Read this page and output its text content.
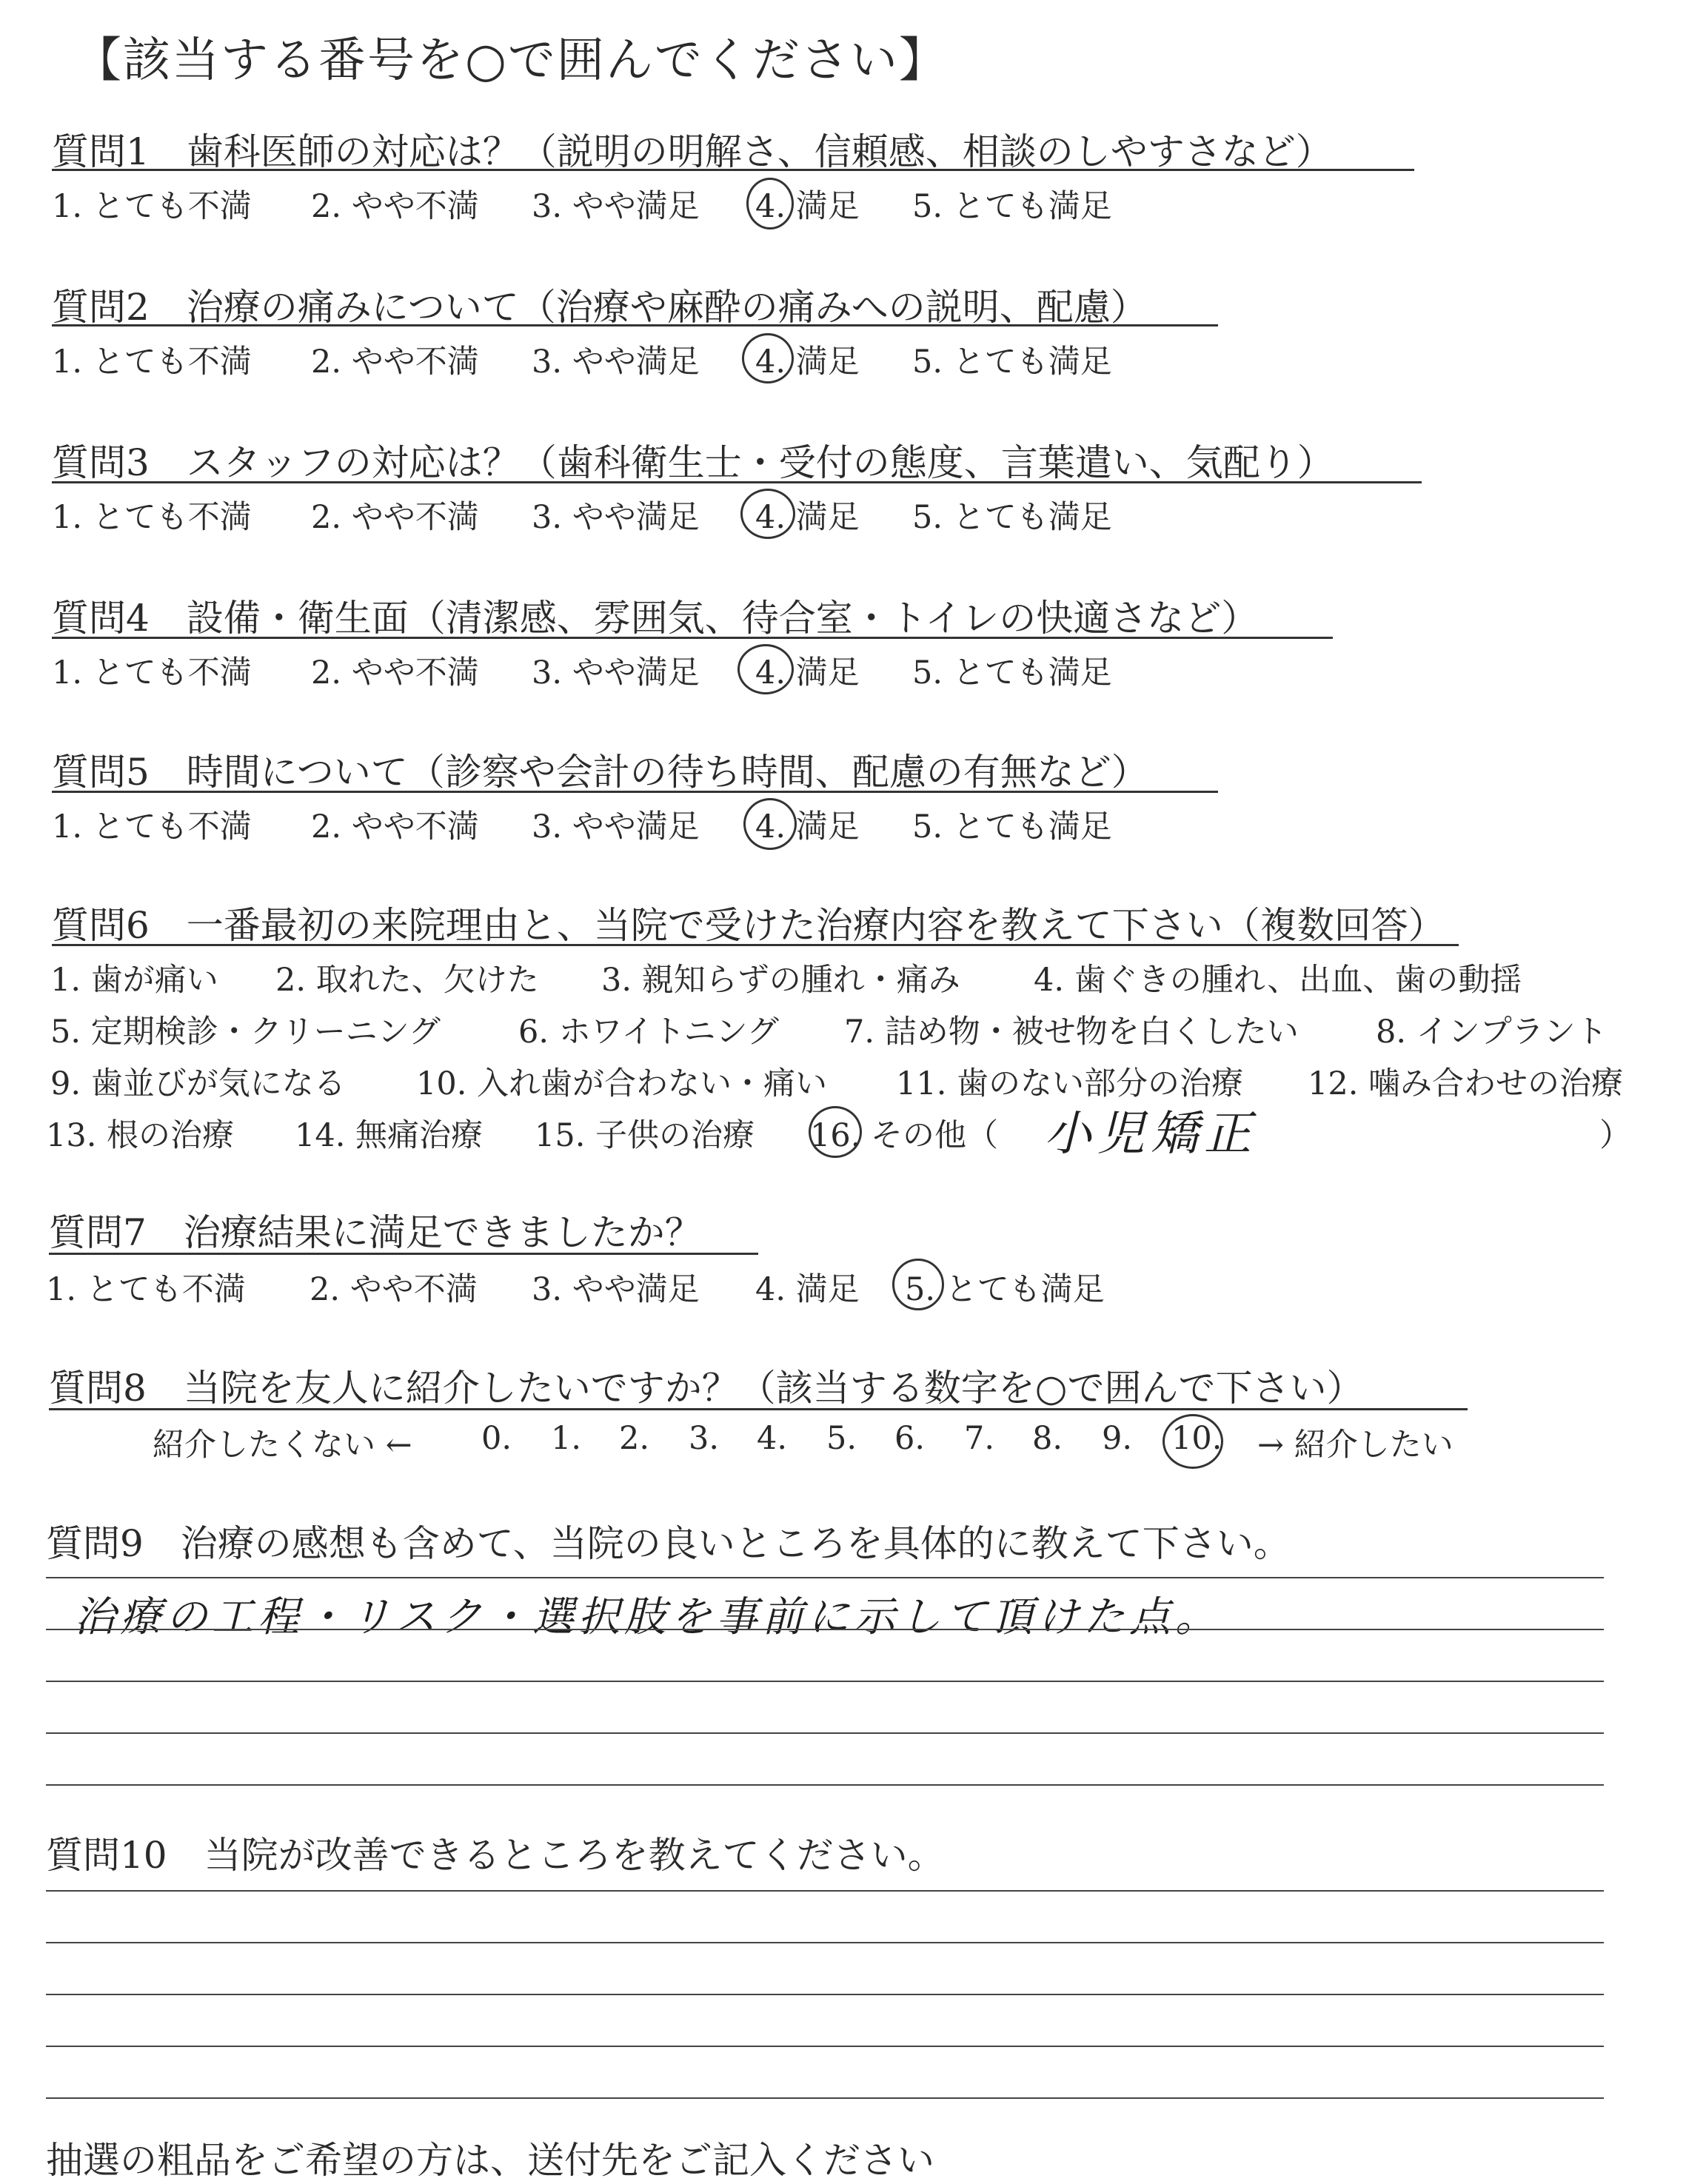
【該当する番号を○で囲んでください】
質問1　歯科医師の対応は？（説明の明解さ、信頼感、相談のしやすさなど）
1. とても不満 2. やや不満 3. やや満足 4. 満足 5. とても満足
質問2　治療の痛みについて（治療や麻酔の痛みへの説明、配慮）
1. とても不満 2. やや不満 3. やや満足 4. 満足 5. とても満足
質問3　スタッフの対応は？（歯科衛生士・受付の態度、言葉遣い、気配り）
1. とても不満 2. やや不満 3. やや満足 4. 満足 5. とても満足
質問4　設備・衛生面（清潔感、雰囲気、待合室・トイレの快適さなど）
1. とても不満 2. やや不満 3. やや満足 4. 満足 5. とても満足
質問5　時間について（診察や会計の待ち時間、配慮の有無など）
1. とても不満 2. やや不満 3. やや満足 4. 満足 5. とても満足
質問6　一番最初の来院理由と、当院で受けた治療内容を教えて下さい（複数回答）
1. 歯が痛い 2. 取れた、欠けた 3. 親知らずの腫れ・痛み 4. 歯ぐきの腫れ、出血、歯の動揺
5. 定期検診・クリーニング 6. ホワイトニング 7. 詰め物・被せ物を白くしたい 8. インプラント
9. 歯並びが気になる 10. 入れ歯が合わない・痛い 11. 歯のない部分の治療 12. 噛み合わせの治療
13. 根の治療 14. 無痛治療 15. 子供の治療 16. その他（	）
小児矯正
質問7　治療結果に満足できましたか？
1. とても不満 2. やや不満 3. やや満足 4. 満足 5. とても満足
質問8　当院を友人に紹介したいですか？（該当する数字を○で囲んで下さい）
紹介したくない ← 0. 1. 2. 3. 4. 5. 6. 7. 8. 9. 10. → 紹介したい
質問9　治療の感想も含めて、当院の良いところを具体的に教えて下さい。
治療の工程・リスク・選択肢を事前に示して頂けた点。
質問10　当院が改善できるところを教えてください。
抽選の粗品をご希望の方は、送付先をご記入ください
